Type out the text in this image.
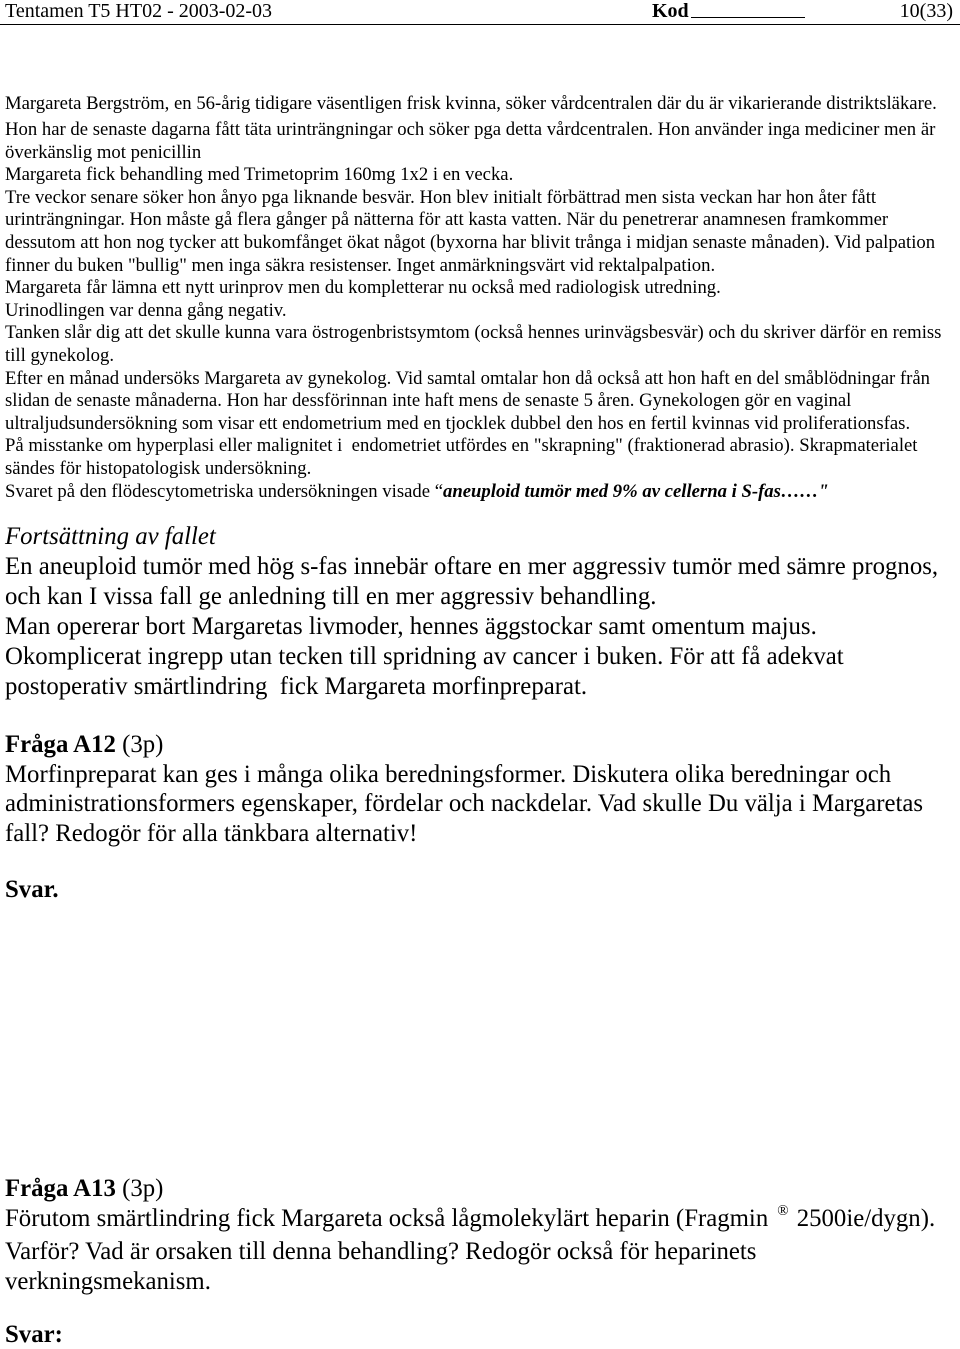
Tentamen T5 HT02 - 2003-02-03	Kod	10(33)
Margareta Bergström, en 56-årig tidigare väsentligen frisk kvinna, söker vårdcentralen där du är vikarierande distriktsläkare.
Hon har de senaste dagarna fått täta urinträngningar och söker pga detta vårdcentralen. Hon använder inga mediciner men är
överkänslig mot penicillin
Margareta fick behandling med Trimetoprim 160mg 1x2 i en vecka.
Tre veckor senare söker hon ånyo pga liknande besvär. Hon blev initialt förbättrad men sista veckan har hon åter fått
urinträngningar. Hon måste gå flera gånger på nätterna för att kasta vatten. När du penetrerar anamnesen framkommer
dessutom att hon nog tycker att bukomfånget ökat något (byxorna har blivit trånga i midjan senaste månaden). Vid palpation
finner du buken "bullig" men inga säkra resistenser. Inget anmärkningsvärt vid rektalpalpation.
Margareta får lämna ett nytt urinprov men du kompletterar nu också med radiologisk utredning.
Urinodlingen var denna gång negativ.
Tanken slår dig att det skulle kunna vara östrogenbristsymtom (också hennes urinvägsbesvär) och du skriver därför en remiss
till gynekolog.
Efter en månad undersöks Margareta av gynekolog. Vid samtal omtalar hon då också att hon haft en del småblödningar från
slidan de senaste månaderna. Hon har dessförinnan inte haft mens de senaste 5 åren. Gynekologen gör en vaginal
ultraljudsundersökning som visar ett endometrium med en tjocklek dubbel den hos en fertil kvinnas vid proliferationsfas.
På misstanke om hyperplasi eller malignitet i  endometriet utfördes en "skrapning" (fraktionerad abrasio). Skrapmaterialet
sändes för histopatologisk undersökning.
Svaret på den flödescytometriska undersökningen visade “aneuploid tumör med 9% av cellerna i S-fas……"
Fortsättning av fallet
En aneuploid tumör med hög s-fas innebär oftare en mer aggressiv tumör med sämre prognos,
och kan I vissa fall ge anledning till en mer aggressiv behandling.
Man opererar bort Margaretas livmoder, hennes äggstockar samt omentum majus.
Okomplicerat ingrepp utan tecken till spridning av cancer i buken. För att få adekvat
postoperativ smärtlindring  fick Margareta morfinpreparat.
Fråga A12 (3p)
Morfinpreparat kan ges i många olika beredningsformer. Diskutera olika beredningar och
administrationsformers egenskaper, fördelar och nackdelar. Vad skulle Du välja i Margaretas
fall? Redogör för alla tänkbara alternativ!
Svar.
Fråga A13 (3p)
Förutom smärtlindring fick Margareta också lågmolekylärt heparin (Fragmin ® 2500ie/dygn).
Varför? Vad är orsaken till denna behandling? Redogör också för heparinets
verkningsmekanism.
Svar:
